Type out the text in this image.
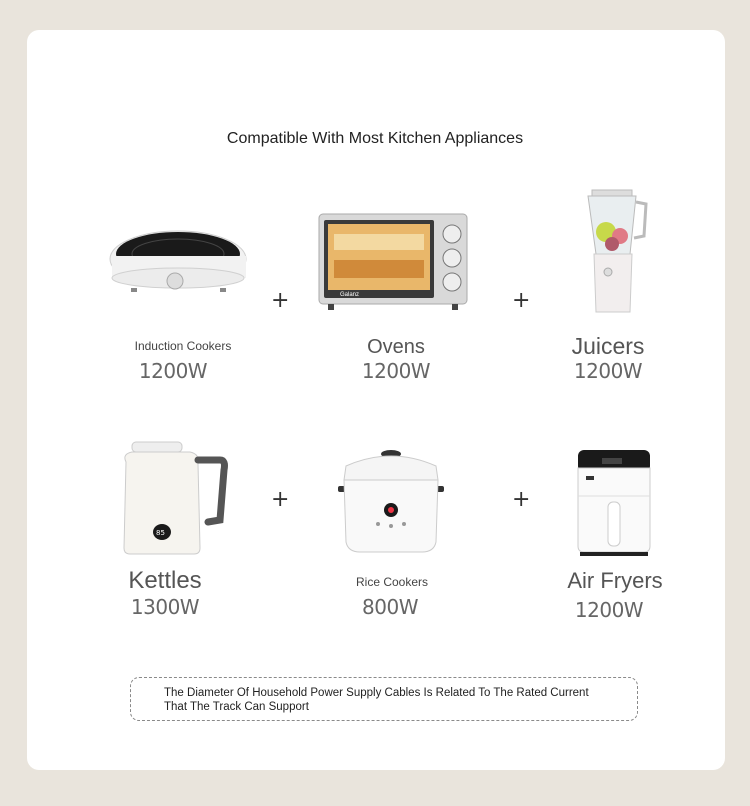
Compatible With Most Kitchen Appliances
Galanz
+	+
Induction Cookers
1200W
Ovens
1200W
Juicers
1200W
85
+	+
Kettles
1300W
Rice Cookers
800W
Air Fryers
1200W
The Diameter Of Household Power Supply Cables Is Related To The Rated Current
That The Track Can Support
